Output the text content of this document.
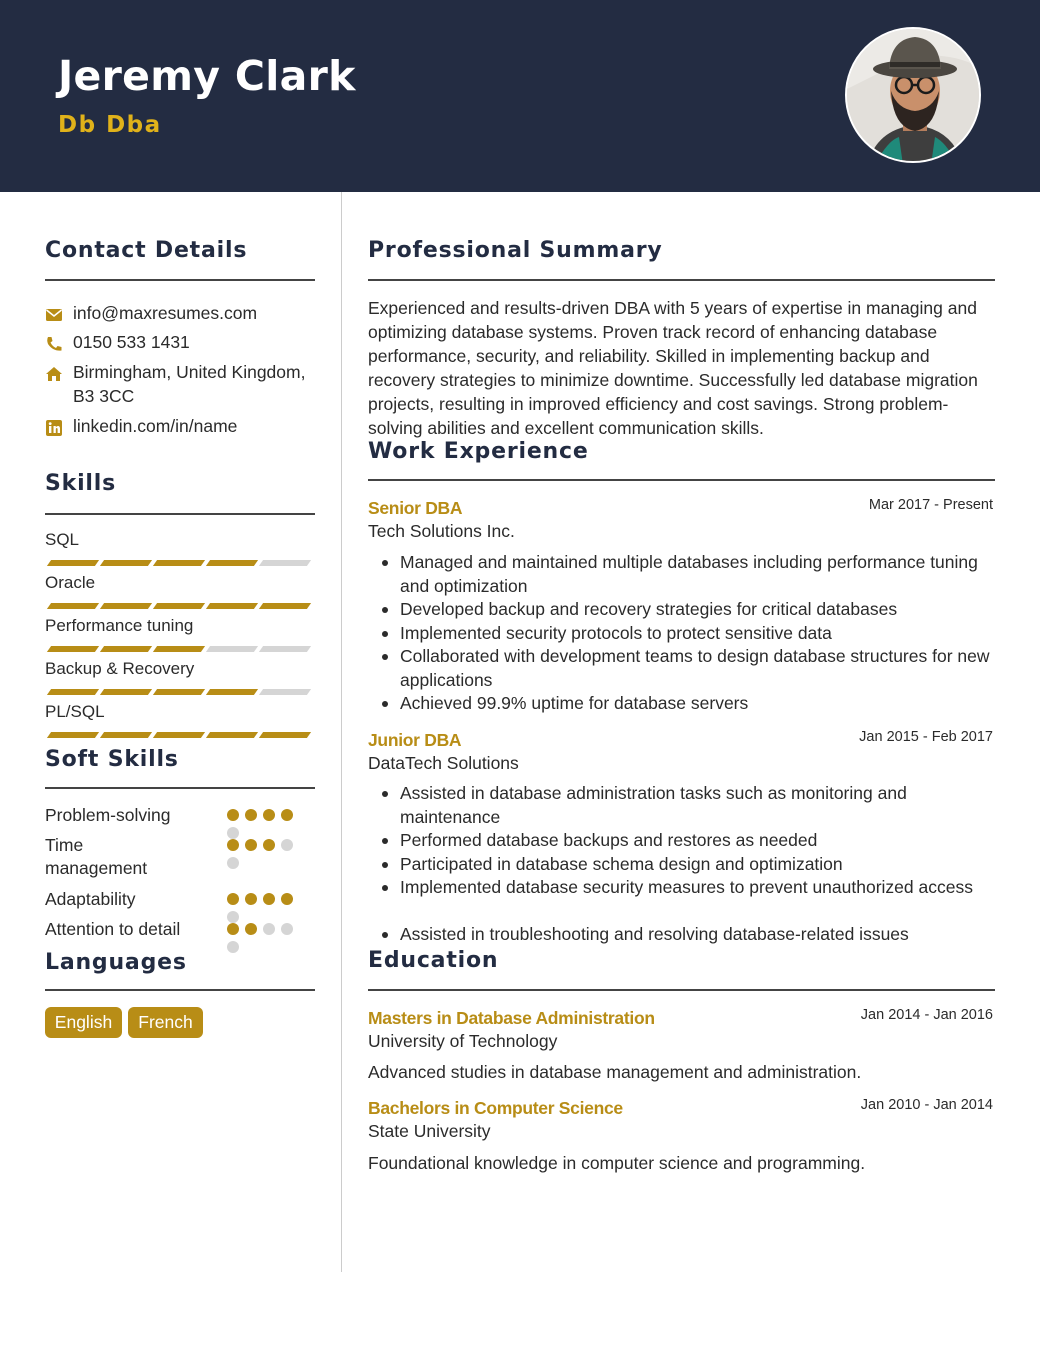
Jeremy Clark
Db Dba
Contact Details
info@maxresumes.com
0150 533 1431
Birmingham, United Kingdom, B3 3CC
linkedin.com/in/name
Skills
SQL
Oracle
Performance tuning
Backup & Recovery
PL/SQL
Soft Skills
Problem-solving
Time management
Adaptability
Attention to detail
Languages
English	French
Professional Summary
Experienced and results-driven DBA with 5 years of expertise in managing and optimizing database systems. Proven track record of enhancing database performance, security, and reliability. Skilled in implementing backup and recovery strategies to minimize downtime. Successfully led database migration projects, resulting in improved efficiency and cost savings. Strong problem-solving abilities and excellent communication skills.
Work Experience
Senior DBA	Mar 2017 - Present
Tech Solutions Inc.
Managed and maintained multiple databases including performance tuning and optimization
Developed backup and recovery strategies for critical databases
Implemented security protocols to protect sensitive data
Collaborated with development teams to design database structures for new applications
Achieved 99.9% uptime for database servers
Junior DBA	Jan 2015 - Feb 2017
DataTech Solutions
Assisted in database administration tasks such as monitoring and maintenance
Performed database backups and restores as needed
Participated in database schema design and optimization
Implemented database security measures to prevent unauthorized access
Assisted in troubleshooting and resolving database-related issues
Education
Masters in Database Administration	Jan 2014 - Jan 2016
University of Technology
Advanced studies in database management and administration.
Bachelors in Computer Science	Jan 2010 - Jan 2014
State University
Foundational knowledge in computer science and programming.
